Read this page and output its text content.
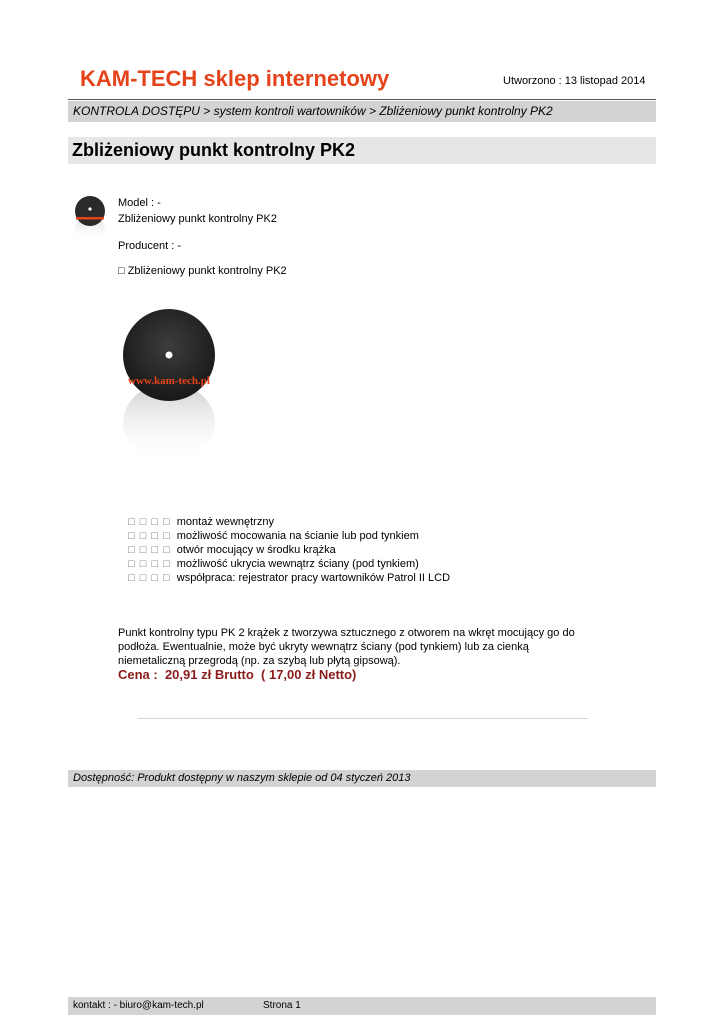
KAM-TECH sklep internetowy	Utworzono : 13 listopad 2014
KONTROLA DOSTĘPU > system kontroli wartowników > Zbliżeniowy punkt kontrolny PK2
Zbliżeniowy punkt kontrolny PK2
Model : -
Zbliżeniowy punkt kontrolny PK2
Producent : -
□ Zbliżeniowy punkt kontrolny PK2
www.kam-tech.pl
□ □ □ □ montaż wewnętrzny
□ □ □ □ możliwość mocowania na ścianie lub pod tynkiem
□ □ □ □ otwór mocujący w środku krążka
□ □ □ □ możliwość ukrycia wewnątrz ściany (pod tynkiem)
□ □ □ □ współpraca: rejestrator pracy wartowników Patrol II LCD
Punkt kontrolny typu PK 2 krążek z tworzywa sztucznego z otworem na wkręt mocujący go do podłoża. Ewentualnie, może być ukryty wewnątrz ściany (pod tynkiem) lub za cienką niemetaliczną przegrodą (np. za szybą lub płytą gipsową).
Cena :  20,91 zł Brutto  ( 17,00 zł Netto)
Dostępność: Produkt dostępny w naszym sklepie od 04 styczeń 2013
kontakt : - biuro@kam-tech.pl	Strona 1
